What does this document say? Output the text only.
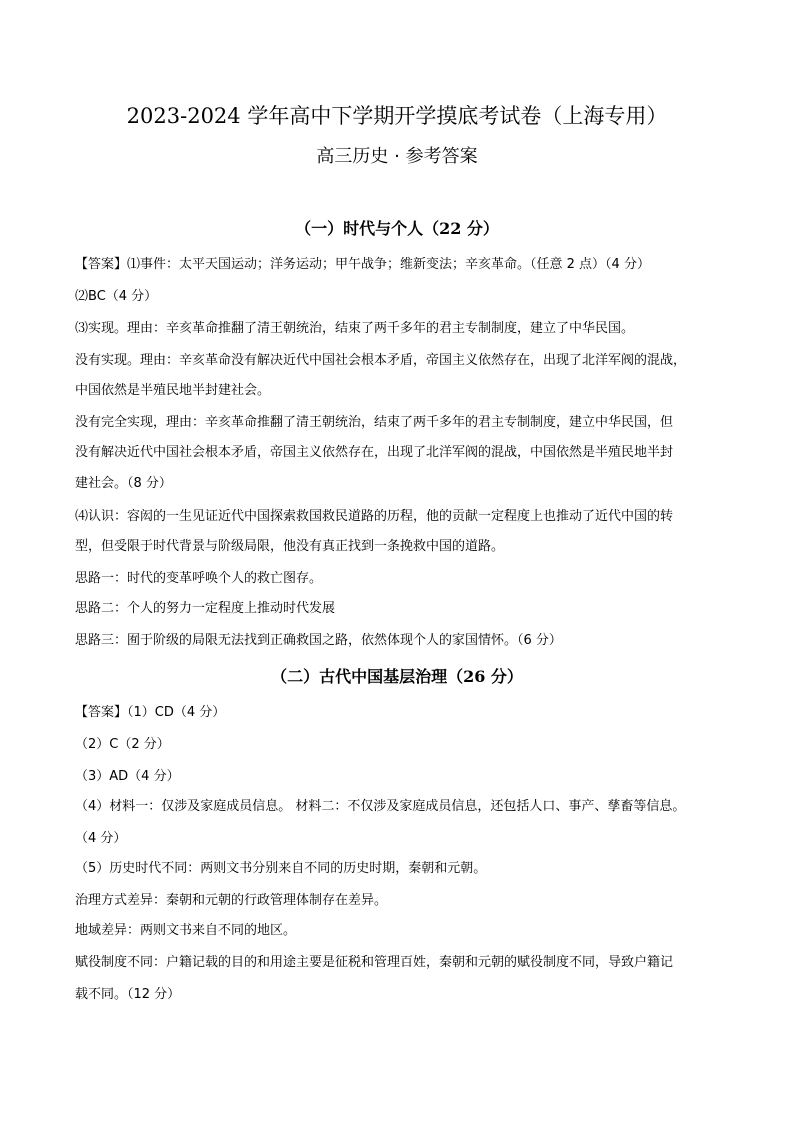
2023-2024 学年高中下学期开学摸底考试卷（上海专用）
高三历史 · 参考答案
（一）时代与个人（22 分）
【答案】⑴事件：太平天国运动；洋务运动；甲午战争；维新变法；辛亥革命。（任意 2 点）（4 分）
⑵BC（4 分）
⑶实现。理由：辛亥革命推翻了清王朝统治，结束了两千多年的君主专制制度，建立了中华民国。
没有实现。理由：辛亥革命没有解决近代中国社会根本矛盾，帝国主义依然存在，出现了北洋军阀的混战，
中国依然是半殖民地半封建社会。
没有完全实现，理由：辛亥革命推翻了清王朝统治，结束了两千多年的君主专制制度，建立中华民国，但
没有解决近代中国社会根本矛盾，帝国主义依然存在，出现了北洋军阀的混战，中国依然是半殖民地半封
建社会。（8 分）
⑷认识：容闳的一生见证近代中国探索救国救民道路的历程，他的贡献一定程度上也推动了近代中国的转
型，但受限于时代背景与阶级局限，他没有真正找到一条挽救中国的道路。
思路一：时代的变革呼唤个人的救亡图存。
思路二：个人的努力一定程度上推动时代发展
思路三：囿于阶级的局限无法找到正确救国之路，依然体现个人的家国情怀。（6 分）
（二）古代中国基层治理（26 分）
【答案】（1）CD（4 分）
（2）C（2 分）
（3）AD（4 分）
（4）材料一：仅涉及家庭成员信息。 材料二：不仅涉及家庭成员信息，还包括人口、事产、孳畜等信息。
（4 分）
（5）历史时代不同：两则文书分别来自不同的历史时期，秦朝和元朝。
治理方式差异：秦朝和元朝的行政管理体制存在差异。
地域差异：两则文书来自不同的地区。
赋役制度不同：户籍记载的目的和用途主要是征税和管理百姓，秦朝和元朝的赋役制度不同，导致户籍记
载不同。（12 分）
